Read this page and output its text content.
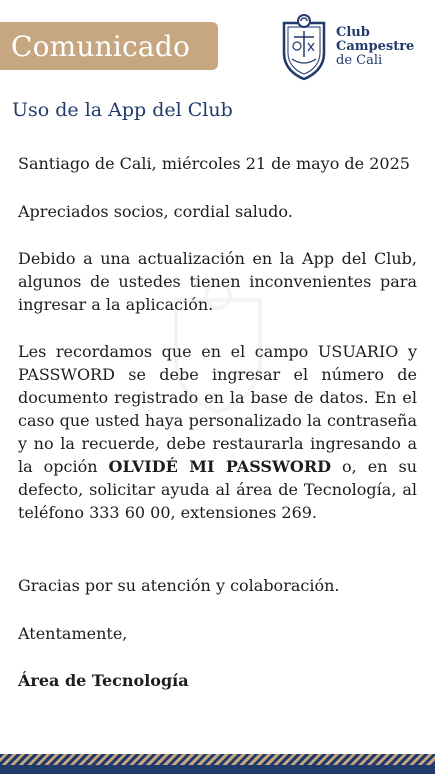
Comunicado	Club
Campestre
de Cali
Uso de la App del Club

Santiago de Cali, miércoles 21 de mayo de 2025

Apreciados socios, cordial saludo.

Debido a una actualización en la App del Club, algunos de ustedes tienen inconvenientes para ingresar a la aplicación.

Les recordamos que en el campo USUARIO y PASSWORD se debe ingresar el número de documento registrado en la base de datos. En el caso que usted haya personalizado la contraseña y no la recuerde, debe restaurarla ingresando a la opción OLVIDÉ MI PASSWORD o, en su defecto, solicitar ayuda al área de Tecnología, al teléfono 333 60 00, extensiones 269.

Gracias por su atención y colaboración.

Atentamente,

Área de Tecnología
